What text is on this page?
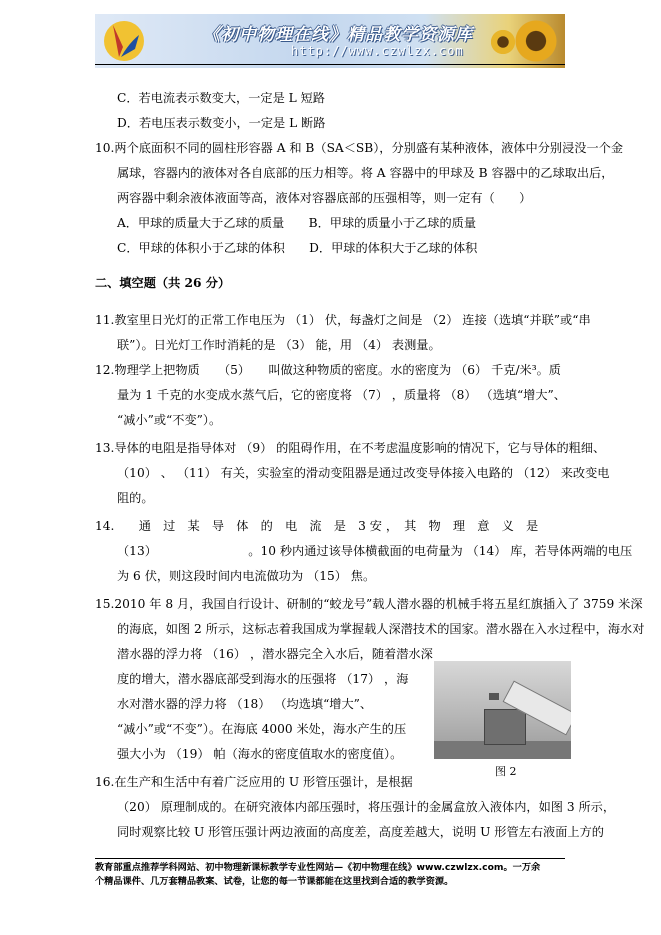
《初中物理在线》精品教学资源库
http://www.czwlzx.com
C．若电流表示数变大，一定是 L 短路
D．若电压表示数变小，一定是 L 断路
10.两个底面积不同的圆柱形容器 A 和 B（SA＜SB），分别盛有某种液体，液体中分别浸没一个金
属球，容器内的液体对各自底部的压力相等。将 A 容器中的甲球及 B 容器中的乙球取出后，
两容器中剩余液体液面等高，液体对容器底部的压强相等，则一定有（　　）
A．甲球的质量大于乙球的质量　　B．甲球的质量小于乙球的质量
C．甲球的体积小于乙球的体积　　D．甲球的体积大于乙球的体积
二、填空题（共 26 分）
11.教室里日光灯的正常工作电压为 （1） 伏，每盏灯之间是 （2） 连接（选填“并联”或“串
联”）。日光灯工作时消耗的是 （3） 能，用 （4） 表测量。
12.物理学上把物质　　（5）　　叫做这种物质的密度。水的密度为 （6） 千克/米³。质
量为 1 千克的水变成水蒸气后，它的密度将 （7） ，质量将 （8） （选填“增大”、
“减小”或“不变”）。
13.导体的电阻是指导体对 （9） 的阻碍作用，在不考虑温度影响的情况下，它与导体的粗细、
（10） 、 （11） 有关，实验室的滑动变阻器是通过改变导体接入电路的 （12） 来改变电
阻的。
14.　　通　过　某　导　体　的　电　流　是　3 安 ，　其　物　理　意　义　是
（13）　　　　　　　　。10 秒内通过该导体横截面的电荷量为 （14） 库，若导体两端的电压
为 6 伏，则这段时间内电流做功为 （15） 焦。
15.2010 年 8 月，我国自行设计、研制的“蛟龙号”载人潜水器的机械手将五星红旗插入了 3759 米深
的海底，如图 2 所示，这标志着我国成为掌握载人深潜技术的国家。潜水器在入水过程中，海水对
潜水器的浮力将 （16） ，潜水器完全入水后，随着潜水深
度的增大，潜水器底部受到海水的压强将 （17） ，海
水对潜水器的浮力将 （18） （均选填“增大”、
“减小”或“不变”）。在海底 4000 米处，海水产生的压
强大小为 （19） 帕（海水的密度值取水的密度值）。
16.在生产和生活中有着广泛应用的 U 形管压强计，是根据
（20） 原理制成的。在研究液体内部压强时，将压强计的金属盒放入液体内，如图 3 所示，
同时观察比较 U 形管压强计两边液面的高度差，高度差越大，说明 U 形管左右液面上方的
图 2
教育部重点推荐学科网站、初中物理新课标教学专业性网站—《初中物理在线》www.czwlzx.com。一万余
个精品课件、几万套精品教案、试卷，让您的每一节课都能在这里找到合适的教学资源。
